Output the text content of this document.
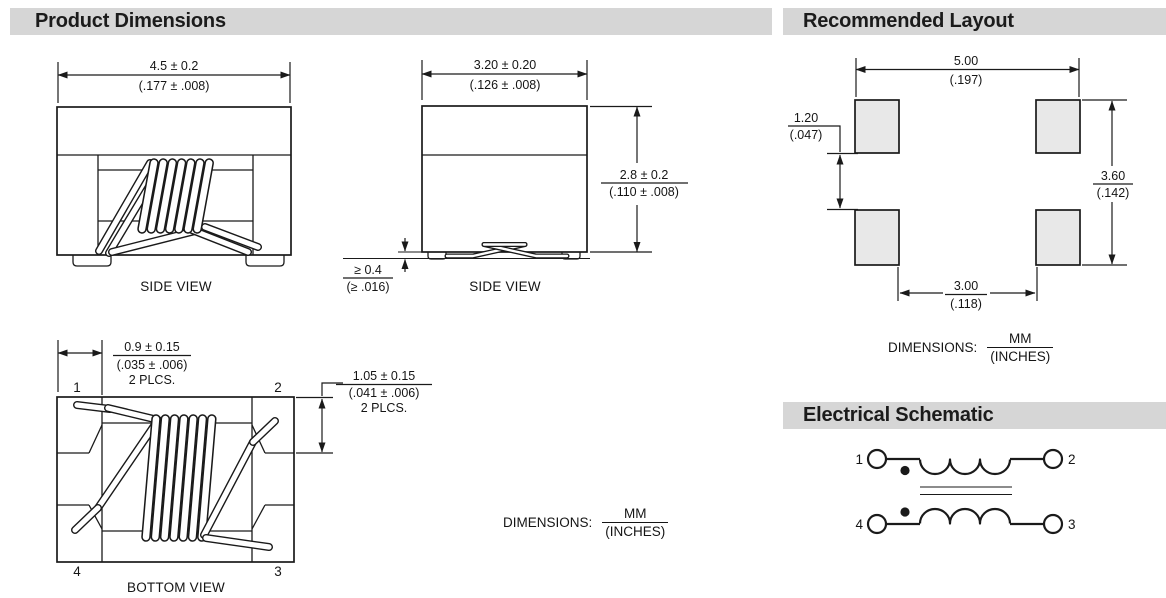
Product Dimensions	Recommended Layout
Electrical Schematic
4.5 ± 0.2
(.177 ± .008)
SIDE VIEW
3.20 ± 0.20
(.126 ± .008)
≥ 0.4
(≥ .016)
2.8 ± 0.2
(.110 ± .008)
SIDE VIEW
0.9 ± 0.15
(.035 ± .006)
2 PLCS.
1	2
3
4
1.05 ± 0.15
(.041 ± .006)
2 PLCS.
BOTTOM VIEW
DIMENSIONS: $\frac{MM}{\text{(INCHES)}}$
5.00
(.197)
1.20
(.047)
3.60
(.142)
3.00
(.118)
DIMENSIONS: $\frac{MM}{\text{(INCHES)}}$
1	2
4	3
